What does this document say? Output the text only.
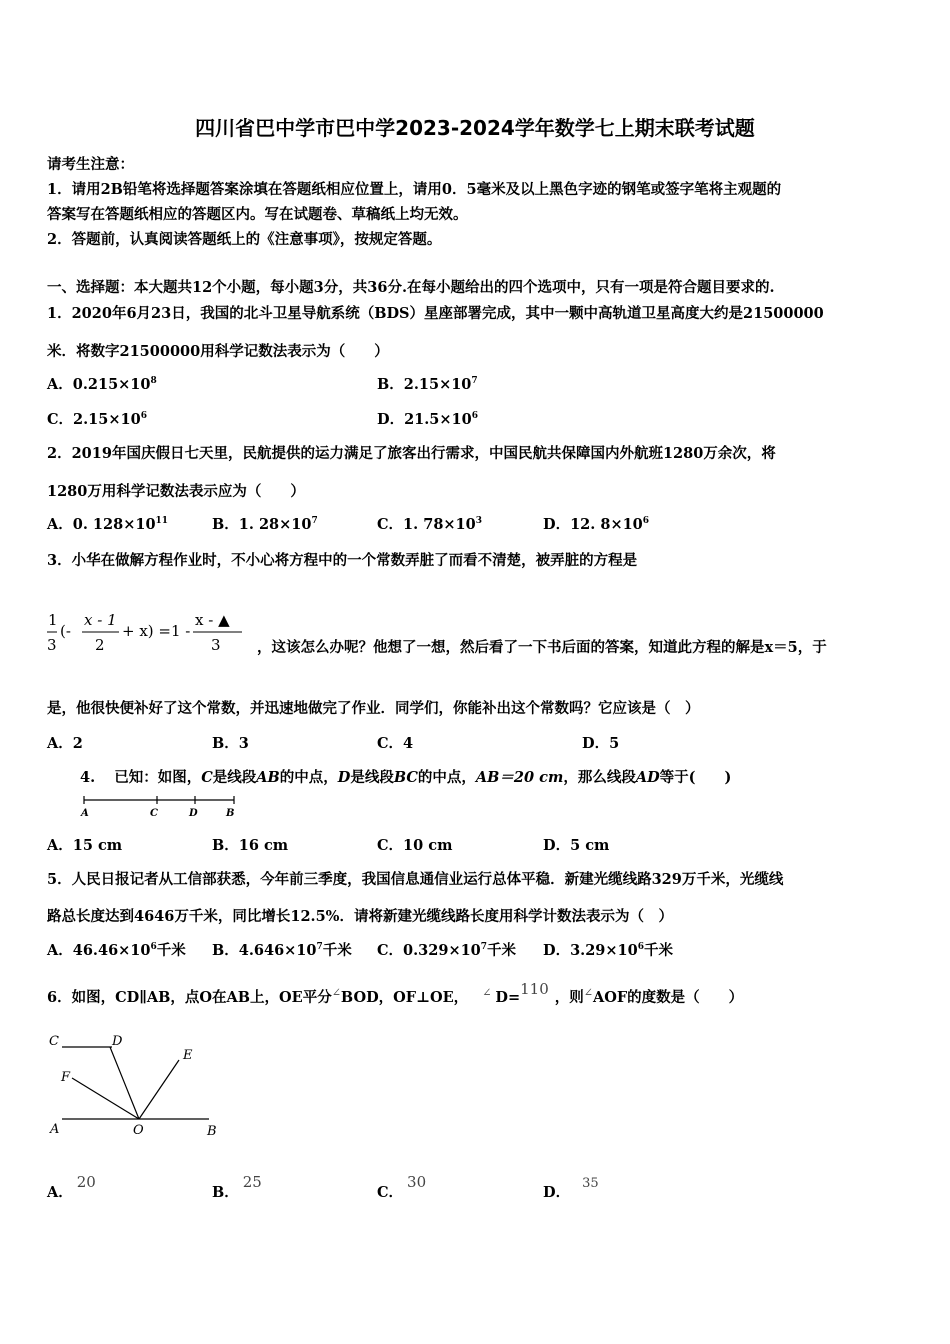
四川省巴中学市巴中学2023-2024学年数学七上期末联考试题
请考生注意：
1．请用2B铅笔将选择题答案涂填在答题纸相应位置上，请用0．5毫米及以上黑色字迹的钢笔或签字笔将主观题的
答案写在答题纸相应的答题区内。写在试题卷、草稿纸上均无效。
2．答题前，认真阅读答题纸上的《注意事项》，按规定答题。
一、选择题：本大题共12个小题，每小题3分，共36分.在每小题给出的四个选项中，只有一项是符合题目要求的.
1．2020年6月23日，我国的北斗卫星导航系统（BDS）星座部署完成，其中一颗中高轨道卫星高度大约是21500000
米．将数字21500000用科学记数法表示为（　　）
A．$0.215\times 10^8$	B．$2.15\times 10^7$
C．$2.15\times 10^6$	D．$21.5\times 10^6$
2．2019年国庆假日七天里，民航提供的运力满足了旅客出行需求，中国民航共保障国内外航班1280万余次，将
1280万用科学记数法表示应为（　　）
A．0. $128\times 10^{11}$	B．1. $28\times 10^7$	C．1. $78\times 10^3$	D．12. $8\times 10^6$
3．小华在做解方程作业时，不小心将方程中的一个常数弄脏了而看不清楚，被弄脏的方程是
1
3
(-
x - 1
2
+ x) =1 -
x - ▲
3	，这该怎么办呢？他想了一想，然后看了一下书后面的答案，知道此方程的解是x＝5，于
是，他很快便补好了这个常数，并迅速地做完了作业．同学们，你能补出这个常数吗？它应该是（　）
A．2	B．3	C．4	D．5
4. 已知：如图，C是线段AB的中点，D是线段BC的中点，AB＝20 cm，那么线段AD等于(　　)
A	C	D	B
A．15 cm	B．16 cm	C．10 cm	D．5 cm
5．人民日报记者从工信部获悉，今年前三季度，我国信息通信业运行总体平稳．新建光缆线路329万千米，光缆线
路总长度达到4646万千米，同比增长12.5%．请将新建光缆线路长度用科学计数法表示为（　）
A．$46.46\times 10^6$千米 B．$4.646\times 10^7$千米 C．$0.329\times 10^7$千米 D．$3.29\times 10^6$千米
6．如图，CD∥AB，点O在AB上，OE平分∠BOD，OF⊥OE， ∠ D=110 ，则∠AOF的度数是（　　）
C	D
E
F
A	O	B
A．20
B．25
C．30
D．35
